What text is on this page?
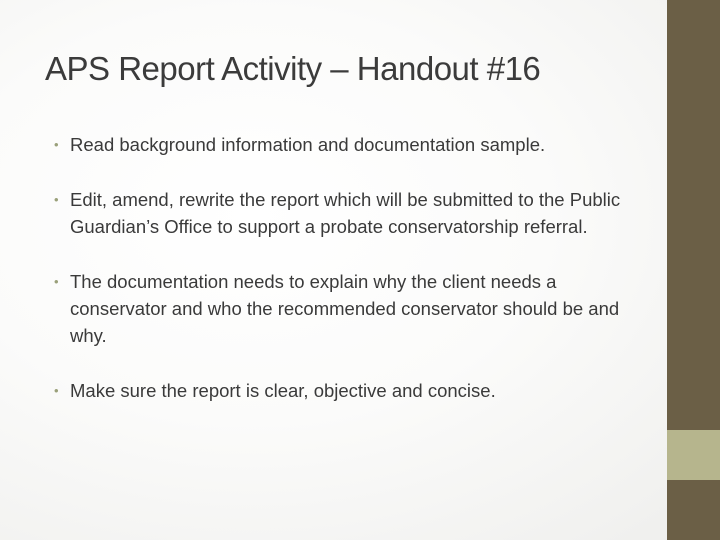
APS Report Activity – Handout #16
• Read background information and documentation sample.
• Edit, amend, rewrite the report which will be submitted to the Public Guardian’s Office to support a probate conservatorship referral.
• The documentation needs to explain why the client needs a conservator and who the recommended conservator should be and why.
• Make sure the report is clear, objective and concise.
